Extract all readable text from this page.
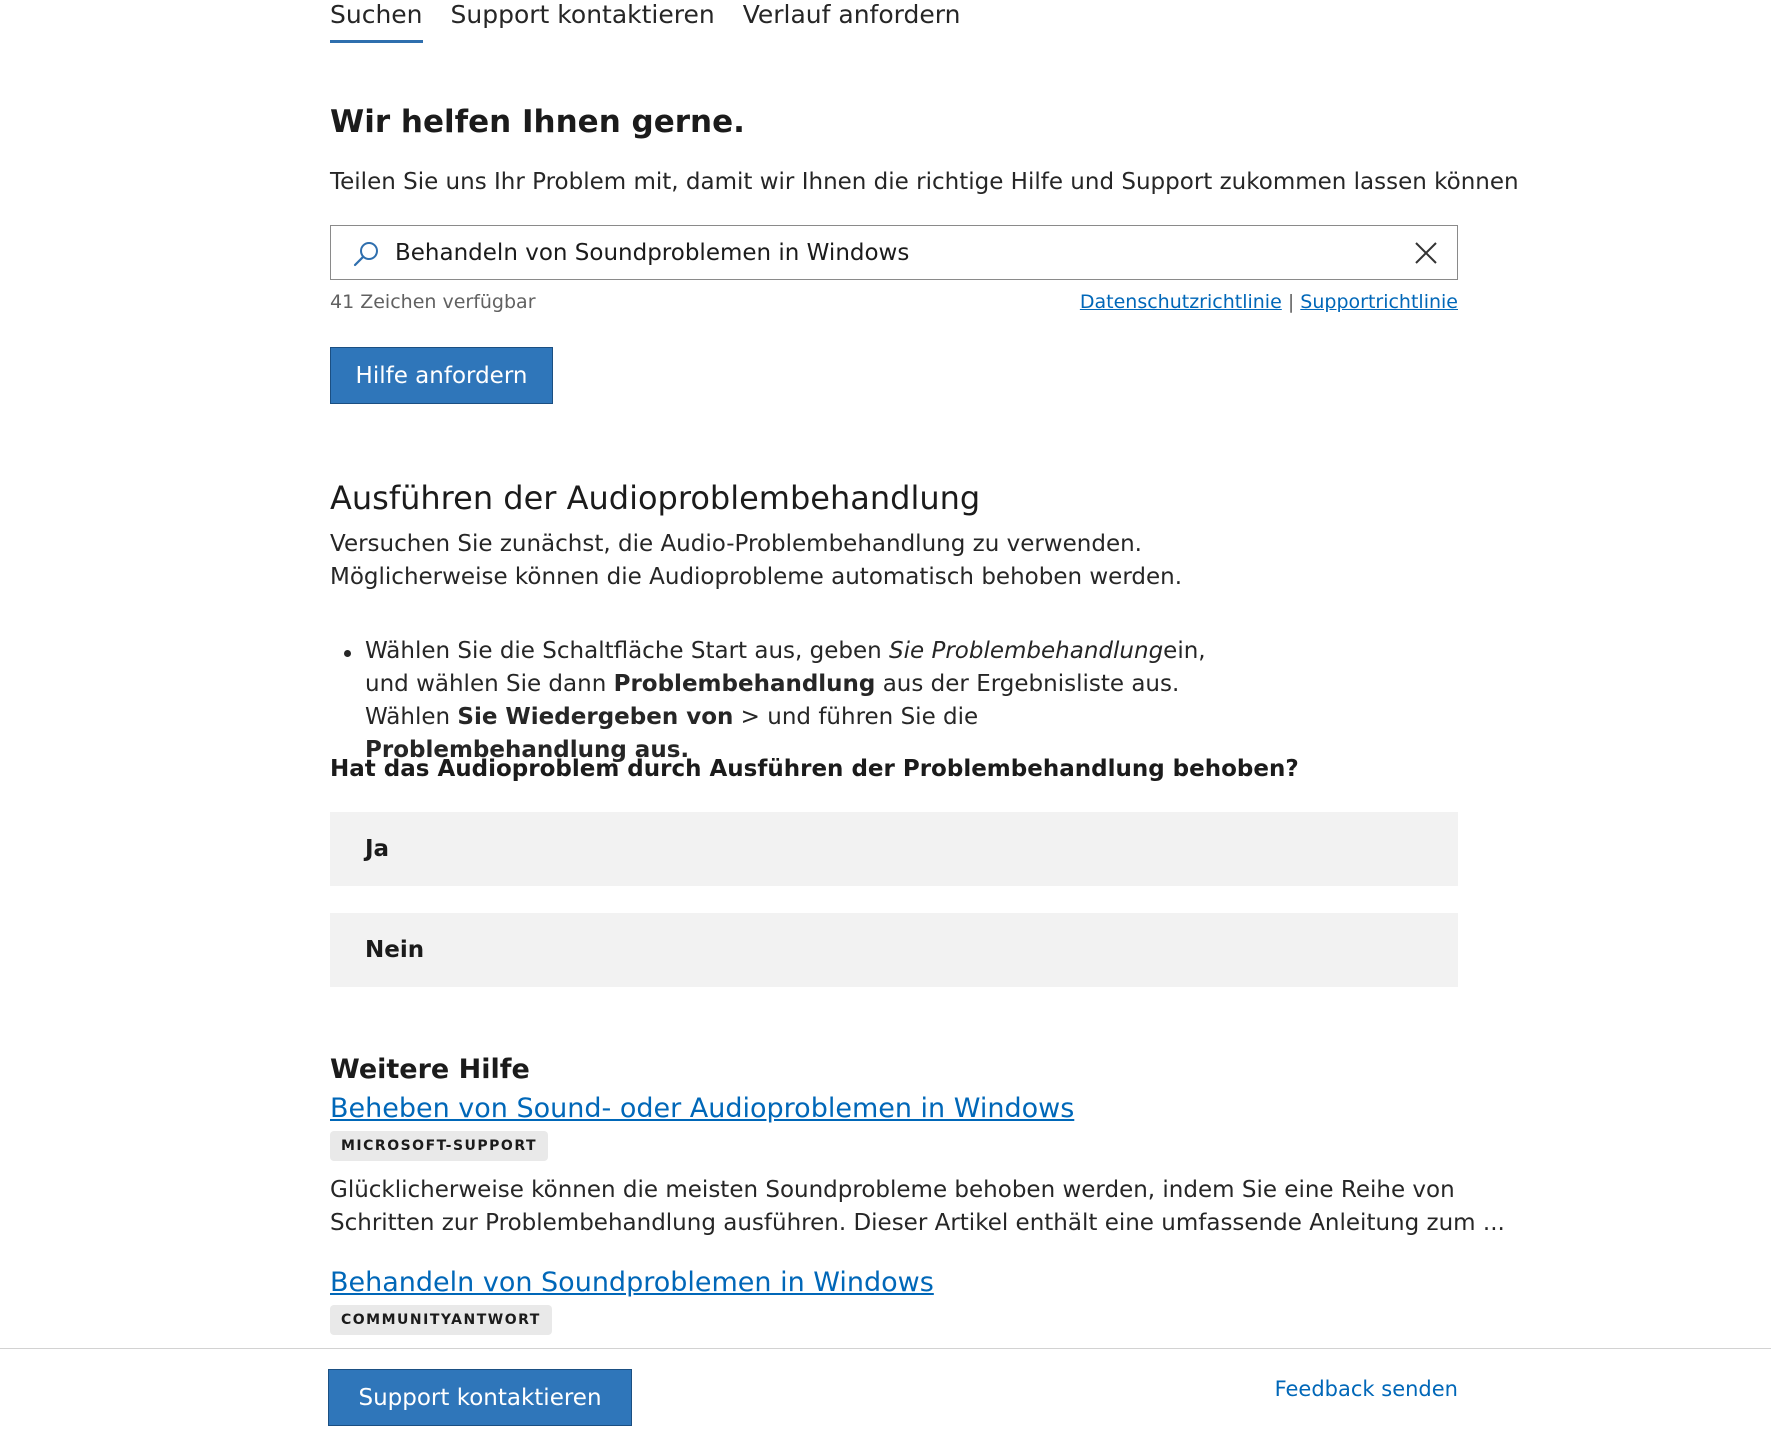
Suchen Support kontaktieren Verlauf anfordern
Wir helfen Ihnen gerne.

Teilen Sie uns Ihr Problem mit, damit wir Ihnen die richtige Hilfe und Support zukommen lassen können

Behandeln von Soundproblemen in Windows
41 Zeichen verfügbar	Datenschutzrichtlinie | Supportrichtlinie
Hilfe anfordern
Ausführen der Audioproblembehandlung

Versuchen Sie zunächst, die Audio-Problembehandlung zu verwenden.
Möglicherweise können die Audioprobleme automatisch behoben werden.

Wählen Sie die Schaltfläche Start aus, geben Sie Problembehandlungein, und wählen Sie dann Problembehandlung aus der Ergebnisliste aus. Wählen Sie Wiedergeben von > und führen Sie die Problembehandlung aus.

Hat das Audioproblem durch Ausführen der Problembehandlung behoben?

Ja
Nein
Weitere Hilfe
Beheben von Sound- oder Audioproblemen in Windows
MICROSOFT-SUPPORT

Glücklicherweise können die meisten Soundprobleme behoben werden, indem Sie eine Reihe von
Schritten zur Problembehandlung ausführen. Dieser Artikel enthält eine umfassende Anleitung zum ...

Behandeln von Soundproblemen in Windows
COMMUNITYANTWORT
Support kontaktieren	Feedback senden
